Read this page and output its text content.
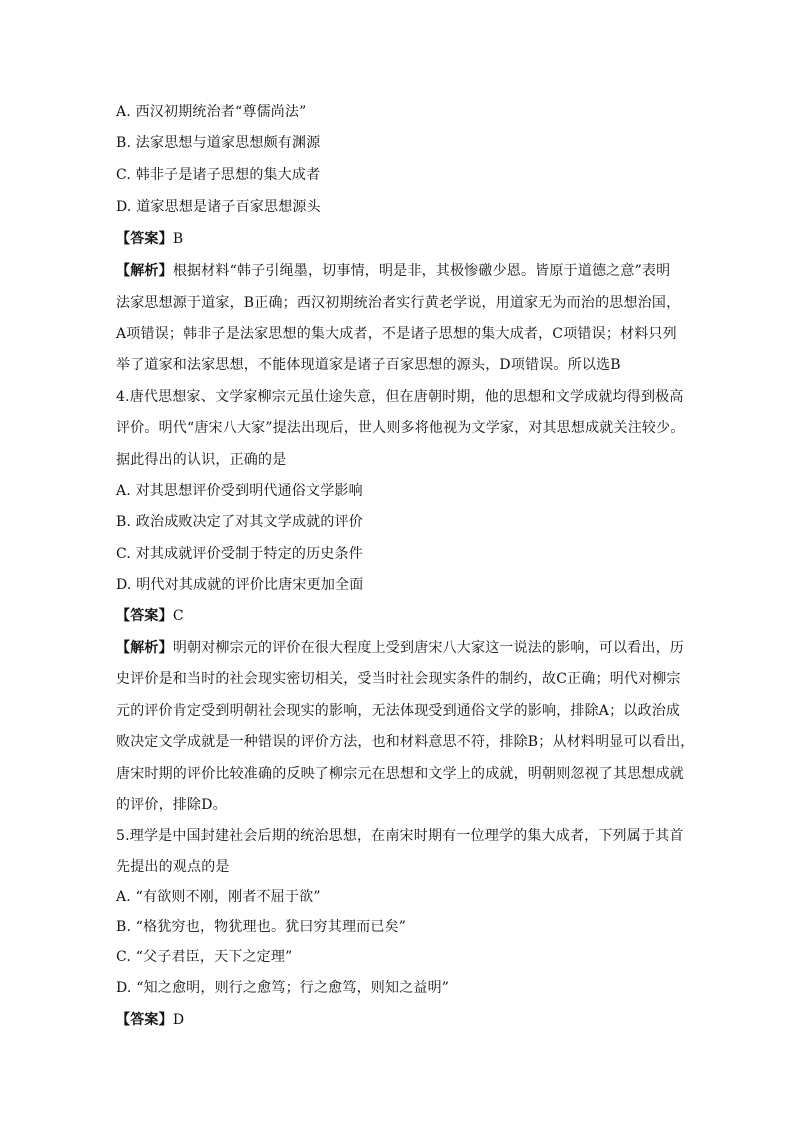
A. 西汉初期统治者“尊儒尚法”
B. 法家思想与道家思想颇有渊源
C. 韩非子是诸子思想的集大成者
D. 道家思想是诸子百家思想源头
【答案】B
【解析】根据材料“韩子引绳墨，切事情，明是非，其极惨礉少恩。皆原于道德之意”表明
法家思想源于道家，B正确；西汉初期统治者实行黄老学说，用道家无为而治的思想治国，
A项错误；韩非子是法家思想的集大成者，不是诸子思想的集大成者，C项错误；材料只列
举了道家和法家思想，不能体现道家是诸子百家思想的源头，D项错误。所以选B
4.唐代思想家、文学家柳宗元虽仕途失意，但在唐朝时期，他的思想和文学成就均得到极高
评价。明代“唐宋八大家”提法出现后，世人则多将他视为文学家，对其思想成就关注较少。
据此得出的认识，正确的是
A. 对其思想评价受到明代通俗文学影响
B. 政治成败决定了对其文学成就的评价
C. 对其成就评价受制于特定的历史条件
D. 明代对其成就的评价比唐宋更加全面
【答案】C
【解析】明朝对柳宗元的评价在很大程度上受到唐宋八大家这一说法的影响，可以看出，历
史评价是和当时的社会现实密切相关，受当时社会现实条件的制约，故C正确；明代对柳宗
元的评价肯定受到明朝社会现实的影响，无法体现受到通俗文学的影响，排除A；以政治成
败决定文学成就是一种错误的评价方法，也和材料意思不符，排除B；从材料明显可以看出，
唐宋时期的评价比较准确的反映了柳宗元在思想和文学上的成就，明朝则忽视了其思想成就
的评价，排除D。
5.理学是中国封建社会后期的统治思想，在南宋时期有一位理学的集大成者，下列属于其首
先提出的观点的是
A. “有欲则不刚，刚者不屈于欲”
B. “格犹穷也，物犹理也。犹曰穷其理而已矣”
C. “父子君臣，天下之定理”
D. “知之愈明，则行之愈笃；行之愈笃，则知之益明”
【答案】D
